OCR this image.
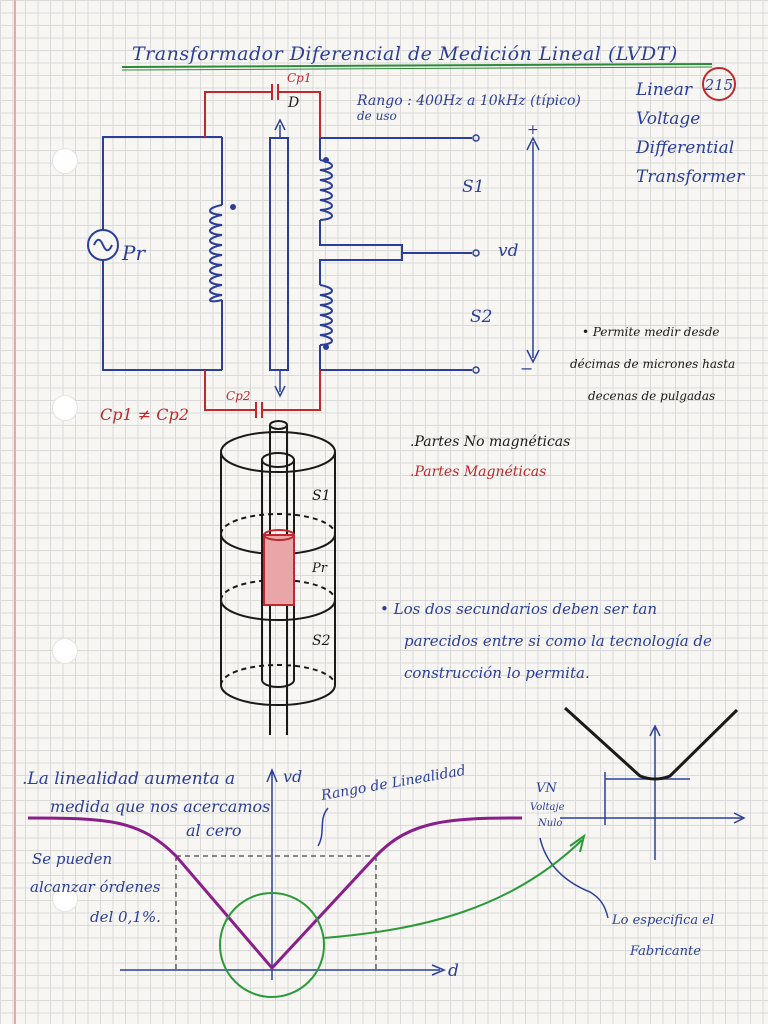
Transformador Diferencial de Medición Lineal (LVDT)
215
Linear
Voltage
Differential
Transformer
+
−
vd
S1
S2
Pr
Cp1
D
Cp2
Cp1 ≠ Cp2
Rango : 400Hz a 10kHz (típico)
de uso
• Permite medir desde
décimas de micrones hasta
decenas de pulgadas
S1
Pr
S2
.Partes No magnéticas
.Partes Magnéticas
• Los dos secundarios deben ser tan
parecidos entre si como la tecnología de
construcción lo permita.
VN
Voltaje
Nulo
Lo especifica el
Fabricante
vd
d
.La linealidad aumenta a
medida que nos acercamos
al cero
Rango de Linealidad
Se pueden
alcanzar órdenes
del 0,1%.
